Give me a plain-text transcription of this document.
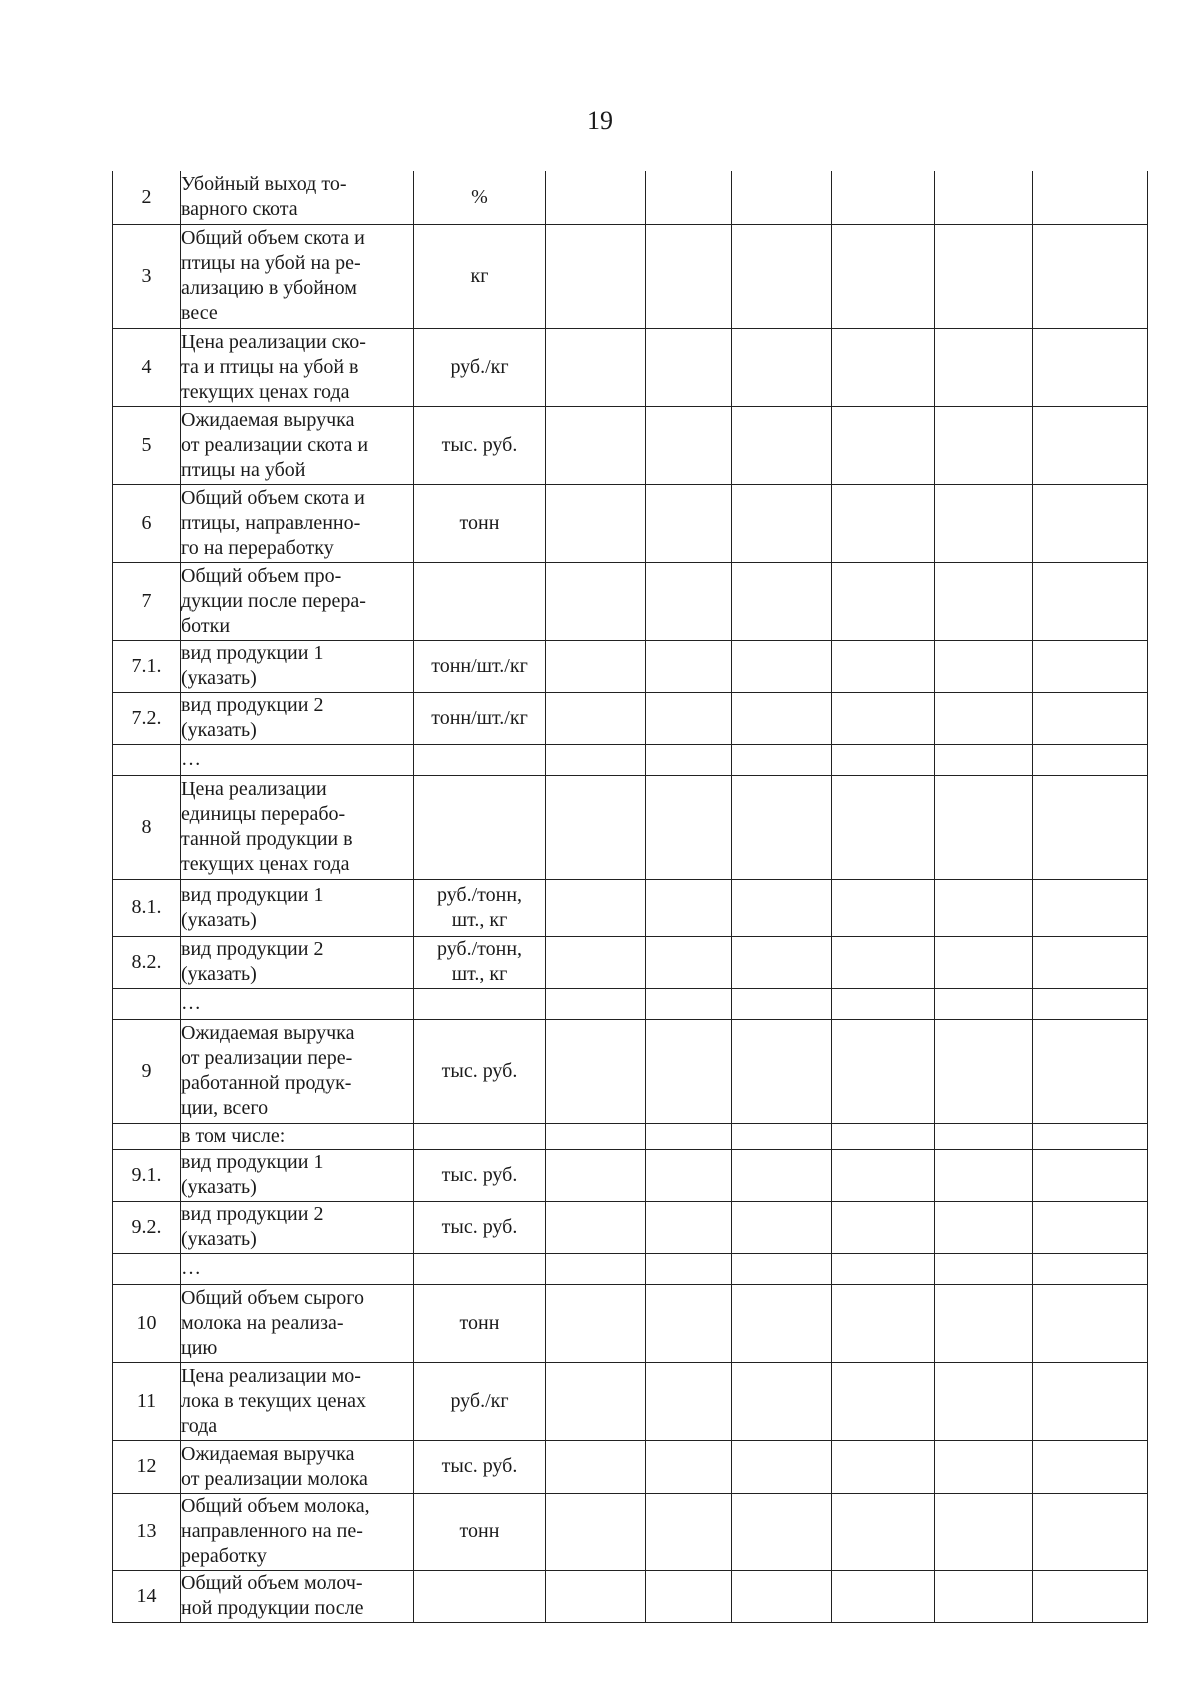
19
2	Убойный выход то-
варного скота	%						
3	Общий объем скота и
птицы на убой на ре-
ализацию в убойном
весе	кг						
4	Цена реализации ско-
та и птицы на убой в
текущих ценах года	руб./кг						
5	Ожидаемая выручка
от реализации скота и
птицы на убой	тыс. руб.						
6	Общий объем скота и
птицы, направленно-
го на переработку	тонн						
7	Общий объем про-
дукции после перера-
ботки							
7.1.	вид продукции 1
(указать)	тонн/шт./кг						
7.2.	вид продукции 2
(указать)	тонн/шт./кг						
	…							
8	Цена реализации
единицы перерабо-
танной продукции в
текущих ценах года							
8.1.	вид продукции 1
(указать)	руб./тонн,
шт., кг						
8.2.	вид продукции 2
(указать)	руб./тонн,
шт., кг						
	…							
9	Ожидаемая выручка
от реализации пере-
работанной продук-
ции, всего	тыс. руб.						
	в том числе:							
9.1.	вид продукции 1
(указать)	тыс. руб.						
9.2.	вид продукции 2
(указать)	тыс. руб.						
	…							
10	Общий объем сырого
молока на реализа-
цию	тонн						
11	Цена реализации мо-
лока в текущих ценах
года	руб./кг						
12	Ожидаемая выручка
от реализации молока	тыс. руб.						
13	Общий объем молока,
направленного на пе-
реработку	тонн						
14	Общий объем молоч-
ной продукции после							
